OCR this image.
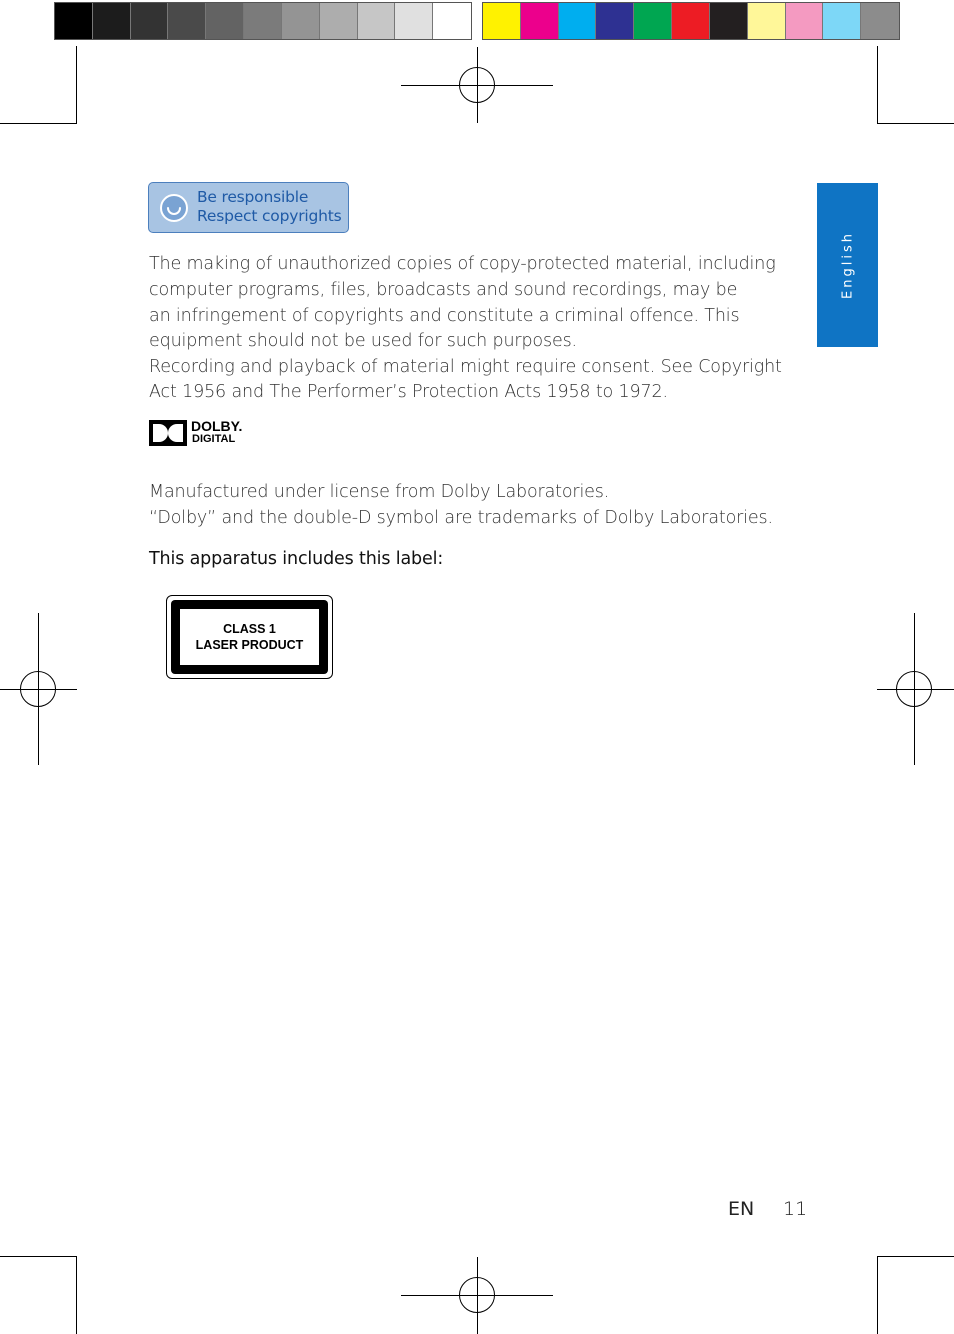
English
Be responsible
Respect copyrights
The making of unauthorized copies of copy-protected material, including
computer programs, files, broadcasts and sound recordings, may be
an infringement of copyrights and constitute a criminal offence. This
equipment should not be used for such purposes.
Recording and playback of material might require consent. See Copyright
Act 1956 and The Performer’s Protection Acts 1958 to 1972.
DOLBY.
DIGITAL
Manufactured under license from Dolby Laboratories.
“Dolby” and the double-D symbol are trademarks of Dolby Laboratories.
This apparatus includes this label:
CLASS 1
LASER PRODUCT
EN 11
